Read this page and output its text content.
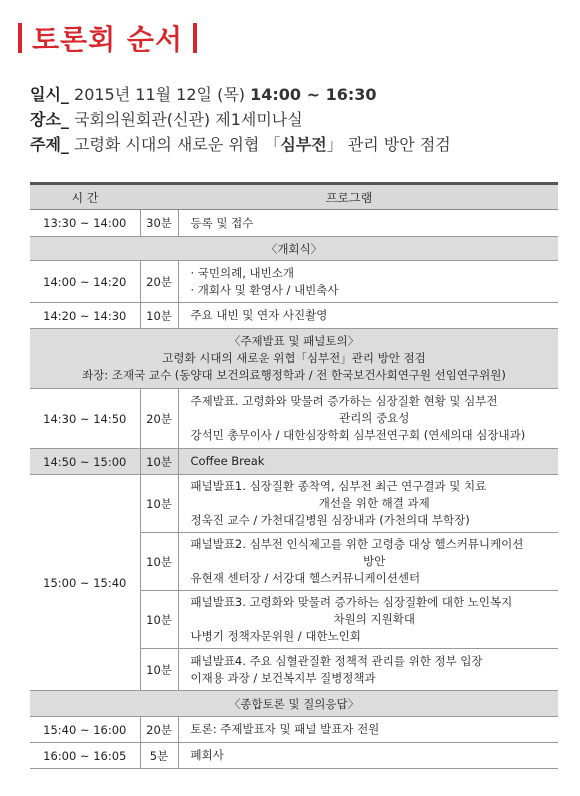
토론회 순서
일시_ 2015년 11월 12일 (목) 14:00 ~ 16:30
장소_ 국회의원회관(신관) 제1세미나실
주제_ 고령화 시대의 새로운 위협 「심부전」 관리 방안 점검
시 간	프로그램	
13:30 ~ 14:00	30분	등록 및 접수
〈개회식〉		
14:00 ~ 14:20	20분	· 국민의례, 내빈소개
· 개회사 및 환영사 / 내빈축사

14:20 ~ 14:30	10분	주요 내빈 및 연자 사진촬영

〈주제발표 및 패널토의〉
고령화 시대의 새로운 위협「심부전」관리 방안 점검
좌장: 조재국 교수 (동양대 보건의료행정학과 / 전 한국보건사회연구원 선임연구위원)		

14:30 ~ 14:50	20분	주제발표. 고령화와 맞물려 증가하는 심장질환 현황 및 심부전
관리의 중요성
강석민 총무이사 / 대한심장학회 심부전연구회 (연세의대 심장내과)

14:50 ~ 15:00	10분	Coffee Break
15:00 ~ 15:40	10분	패널발표1. 심장질환 종착역, 심부전 최근 연구결과 및 치료
개선을 위한 해결 과제
정욱진 교수 / 가천대길병원 심장내과 (가천의대 부학장)

	10분	패널발표2. 심부전 인식제고를 위한 고령층 대상 헬스커뮤니케이션
방안
유현재 센터장 / 서강대 헬스커뮤니케이션센터

	10분	패널발표3. 고령화와 맞물려 증가하는 심장질환에 대한 노인복지
차원의 지원확대
나병기 정책자문위원 / 대한노인회

	10분	패널발표4. 주요 심혈관질환 정책적 관리를 위한 정부 입장
이재용 과장 / 보건복지부 질병정책과

〈종합토론 및 질의응답〉		
15:40 ~ 16:00	20분	토론: 주제발표자 및 패널 발표자 전원
16:00 ~ 16:05	5분	폐회사
